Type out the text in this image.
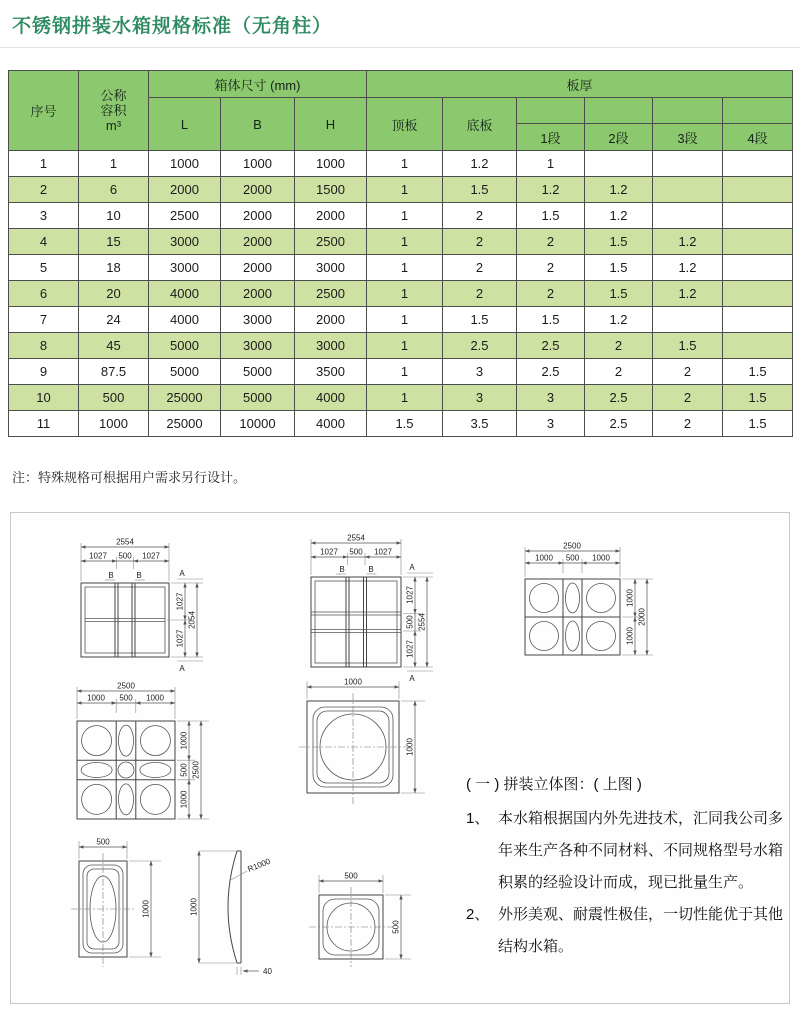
不锈钢拼装水箱规格标准（无角柱）
序号	公称
容积
m³	箱体尺寸 (mm)			板厚					
		L	B	H	顶板	底板				
							1段	2段	3段	4段
1	1	1000	1000	1000	1	1.2	1			
2	6	2000	2000	1500	1	1.5	1.2	1.2		
3	10	2500	2000	2000	1	2	1.5	1.2		
4	15	3000	2000	2500	1	2	2	1.5	1.2	
5	18	3000	2000	3000	1	2	2	1.5	1.2	
6	20	4000	2000	2500	1	2	2	1.5	1.2	
7	24	4000	3000	2000	1	1.5	1.5	1.2		
8	45	5000	3000	3000	1	2.5	2.5	2	1.5	
9	87.5	5000	5000	3500	1	3	2.5	2	2	1.5
10	500	25000	5000	4000	1	3	3	2.5	2	1.5
11	1000	25000	10000	4000	1.5	3.5	3	2.5	2	1.5
注：特殊规格可根据用户需求另行设计。
2554
1027 500 1027
B	B
1027
1027
2054
A
A
2554
1027 500 1027
B	B
1027
500
1027
2554
A
A
2500
1000 500 1000
1000
1000
2000
2500
1000 500 1000
1000
500
1000
2500
1000
1000
500
1000	1000
R1000
40
500
500
( 一 ) 拼装立体图：( 上图 )
1、 本水箱根据国内外先进技术，汇同我公司多年来生产各种不同材料、不同规格型号水箱积累的经验设计而成，现已批量生产。
2、 外形美观、耐震性极佳，一切性能优于其他结构水箱。
